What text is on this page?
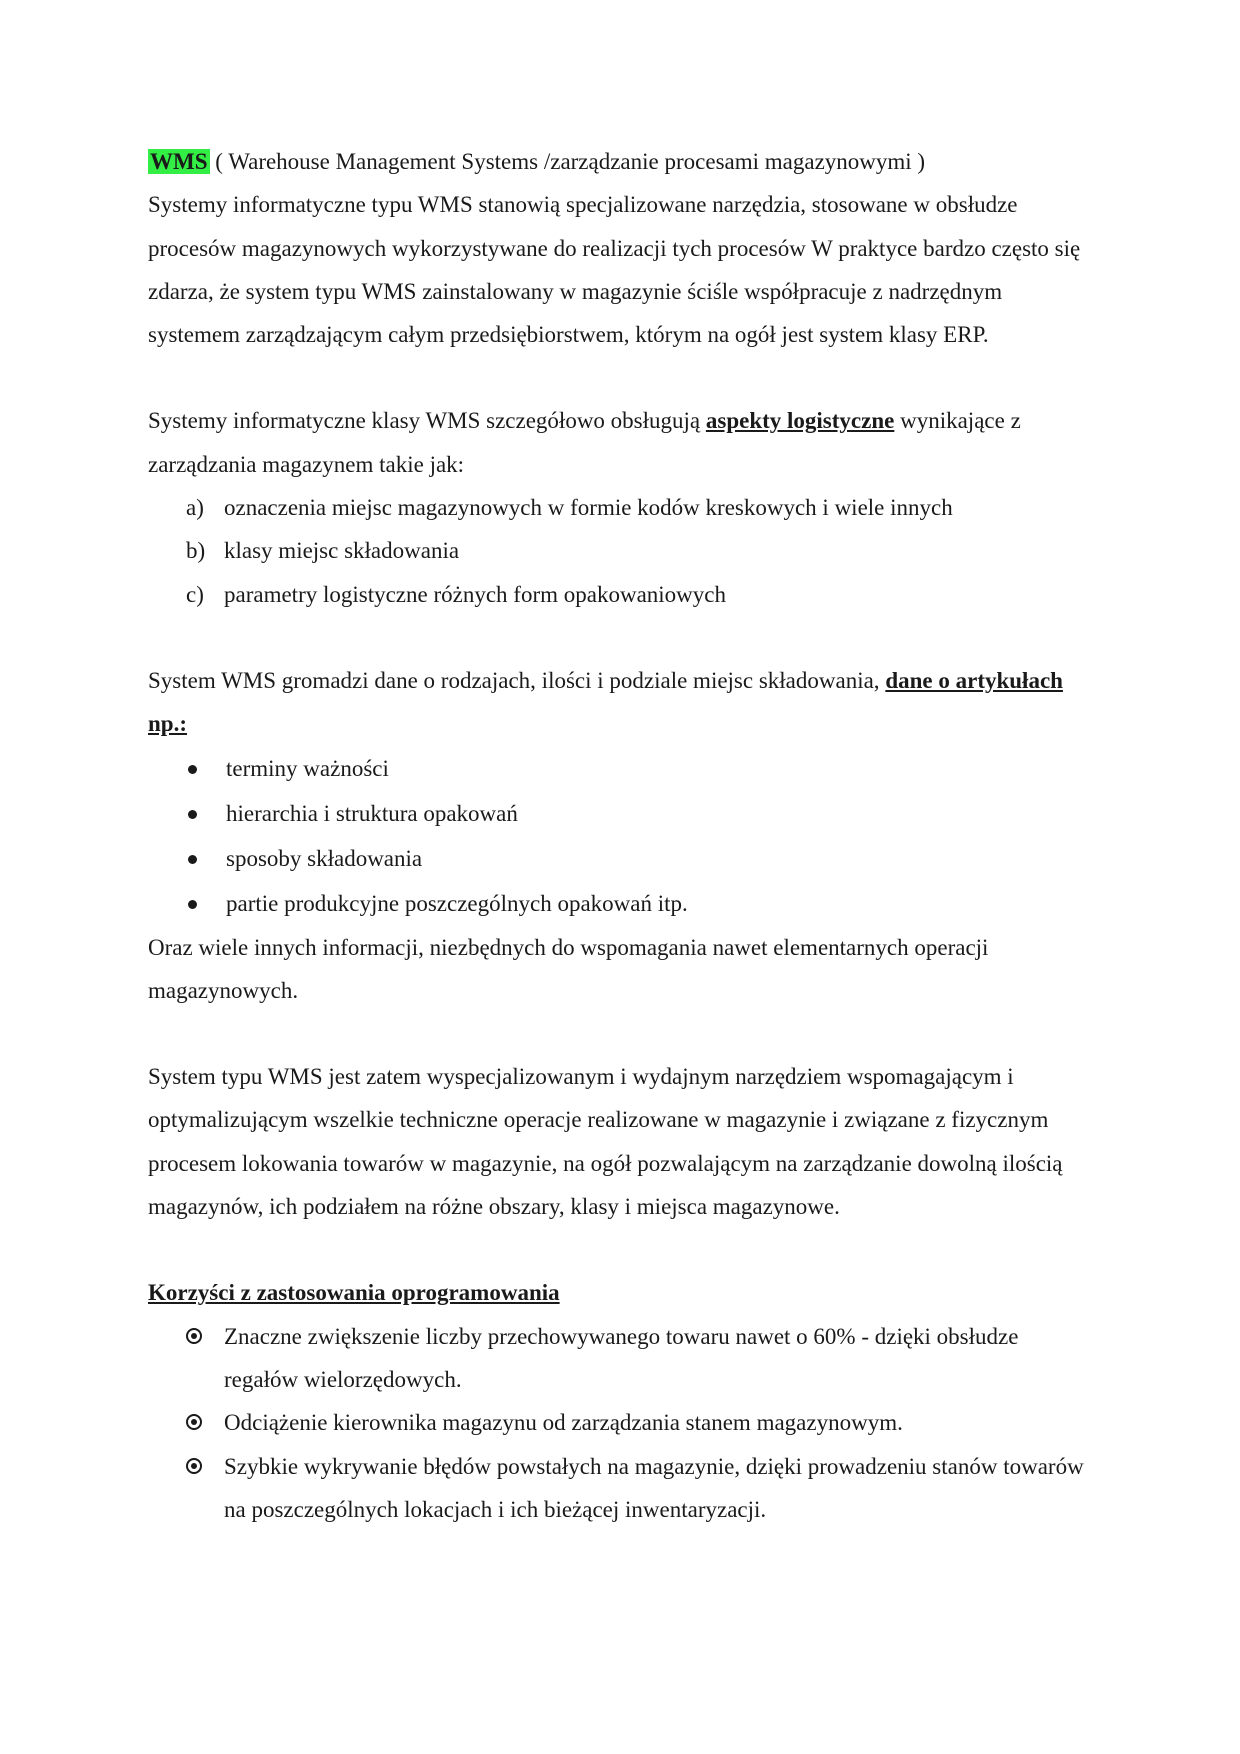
WMS ( Warehouse Management Systems /zarządzanie procesami magazynowymi )

Systemy informatyczne typu WMS stanowią specjalizowane narzędzia, stosowane w obsłudze procesów magazynowych wykorzystywane do realizacji tych procesów W praktyce bardzo często się zdarza, że system typu WMS zainstalowany w magazynie ściśle współpracuje z nadrzędnym systemem zarządzającym całym przedsiębiorstwem, którym na ogół jest system klasy ERP.

Systemy informatyczne klasy WMS szczegółowo obsługują aspekty logistyczne wynikające z zarządzania magazynem takie jak:

a) oznaczenia miejsc magazynowych w formie kodów kreskowych i wiele innych
b) klasy miejsc składowania
c) parametry logistyczne różnych form opakowaniowych

System WMS gromadzi dane o rodzajach, ilości i podziale miejsc składowania, dane o artykułach np.:

terminy ważności
hierarchia i struktura opakowań
sposoby składowania
partie produkcyjne poszczególnych opakowań itp.

Oraz wiele innych informacji, niezbędnych do wspomagania nawet elementarnych operacji magazynowych.

System typu WMS jest zatem wyspecjalizowanym i wydajnym narzędziem wspomagającym i optymalizującym wszelkie techniczne operacje realizowane w magazynie i związane z fizycznym procesem lokowania towarów w magazynie, na ogół pozwalającym na zarządzanie dowolną ilością magazynów, ich podziałem na różne obszary, klasy i miejsca magazynowe.

Korzyści z zastosowania oprogramowania

Znaczne zwiększenie liczby przechowywanego towaru nawet o 60% - dzięki obsłudze regałów wielorzędowych.
Odciążenie kierownika magazynu od zarządzania stanem magazynowym.
Szybkie wykrywanie błędów powstałych na magazynie, dzięki prowadzeniu stanów towarów na poszczególnych lokacjach i ich bieżącej inwentaryzacji.
